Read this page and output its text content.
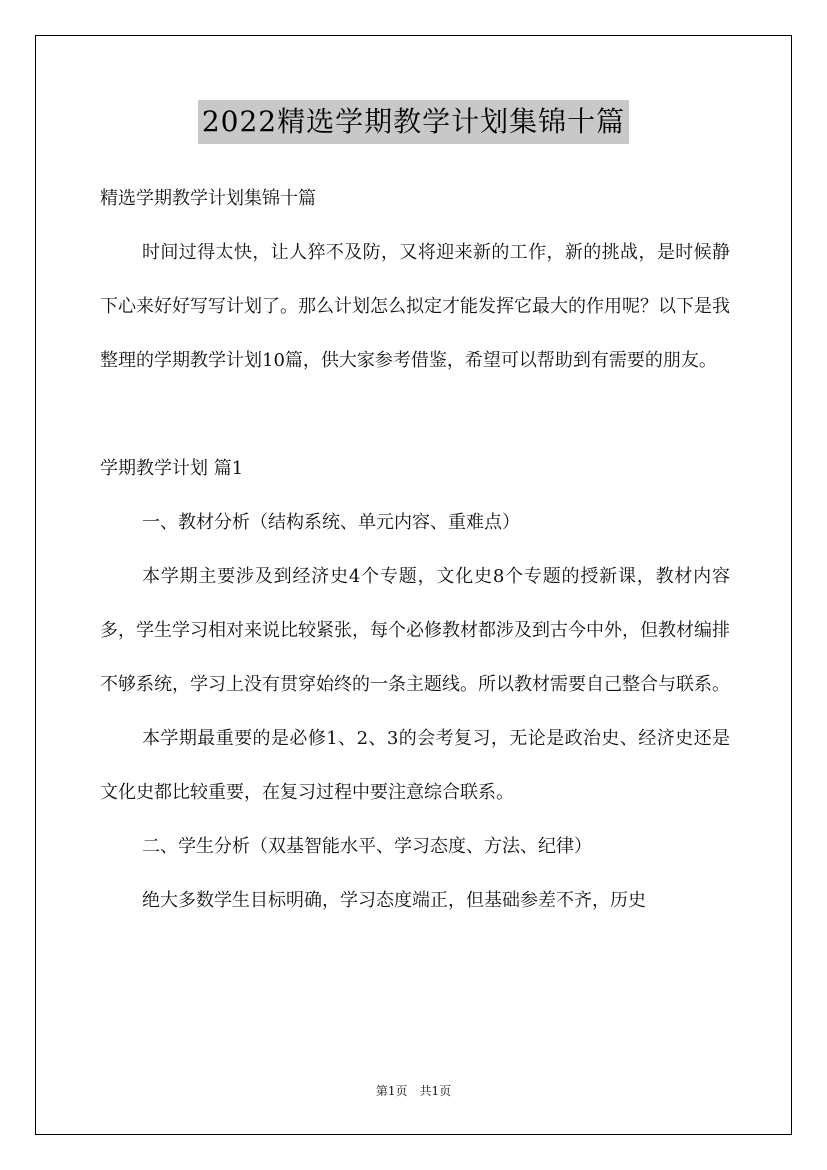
2022精选学期教学计划集锦十篇

精选学期教学计划集锦十篇

时间过得太快，让人猝不及防，又将迎来新的工作，新的挑战，是时候静下心来好好写写计划了。那么计划怎么拟定才能发挥它最大的作用呢？以下是我整理的学期教学计划10篇，供大家参考借鉴，希望可以帮助到有需要的朋友。

学期教学计划 篇1

一、教材分析（结构系统、单元内容、重难点）

本学期主要涉及到经济史4个专题，文化史8个专题的授新课，教材内容多，学生学习相对来说比较紧张，每个必修教材都涉及到古今中外，但教材编排不够系统，学习上没有贯穿始终的一条主题线。所以教材需要自己整合与联系。

本学期最重要的是必修1、2、3的会考复习，无论是政治史、经济史还是文化史都比较重要，在复习过程中要注意综合联系。

二、学生分析（双基智能水平、学习态度、方法、纪律）

绝大多数学生目标明确，学习态度端正，但基础参差不齐，历史

第1页　共1页
